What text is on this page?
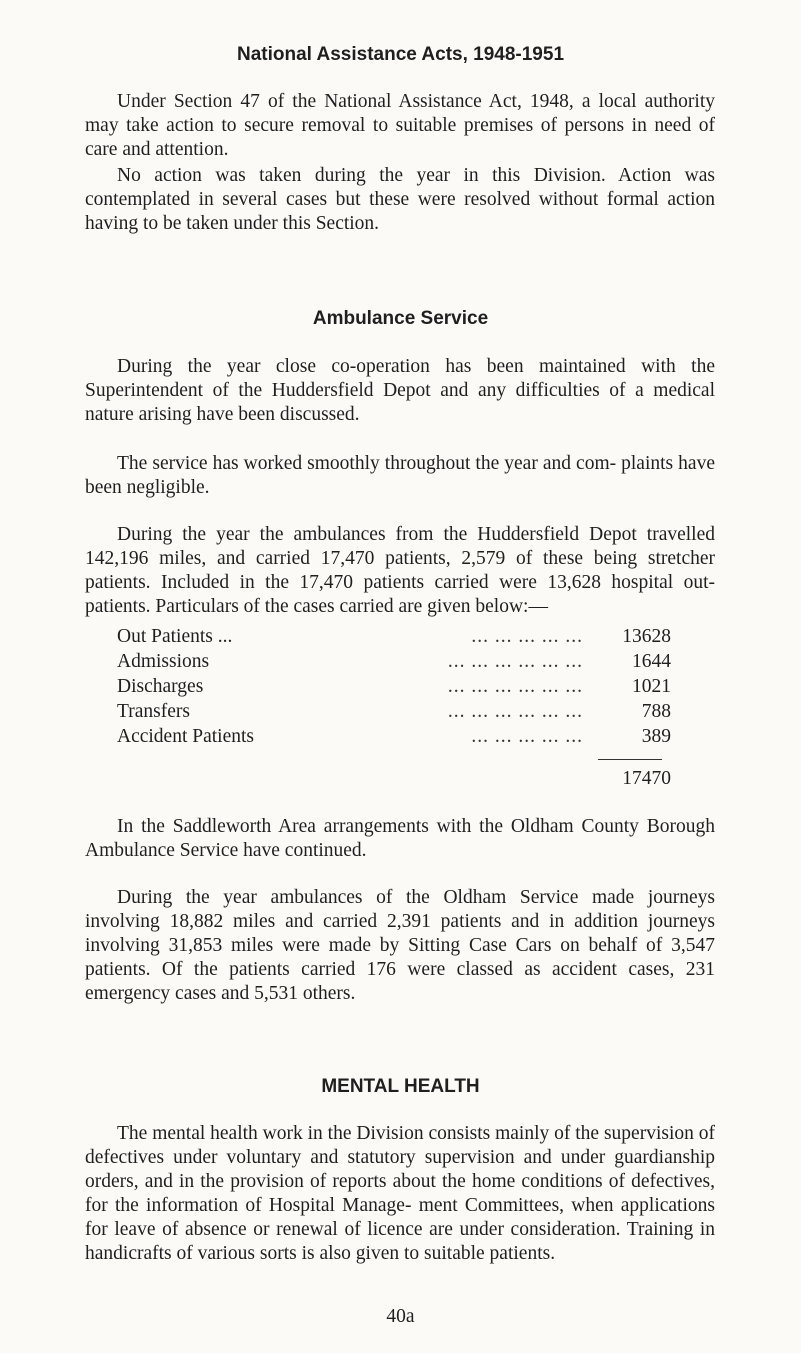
National Assistance Acts, 1948-1951

Under Section 47 of the National Assistance Act, 1948, a local authority may take action to secure removal to suitable premises of persons in need of care and attention.

No action was taken during the year in this Division. Action was contemplated in several cases but these were resolved without formal action having to be taken under this Section.

Ambulance Service

During the year close co-operation has been maintained with the Superintendent of the Huddersfield Depot and any difficulties of a medical nature arising have been discussed.

The service has worked smoothly throughout the year and com- plaints have been negligible.

During the year the ambulances from the Huddersfield Depot travelled 142,196 miles, and carried 17,470 patients, 2,579 of these being stretcher patients. Included in the 17,470 patients carried were 13,628 hospital out-patients. Particulars of the cases carried are given below:—

Out Patients ...	... ... ... ... ... 13628
Admissions	... ... ... ... ... ...	1644
Discharges	... ... ... ... ... ...	1021
Transfers	... ... ... ... ... ...	788
Accident Patients	... ... ... ... ...	389
17470

In the Saddleworth Area arrangements with the Oldham County Borough Ambulance Service have continued.

During the year ambulances of the Oldham Service made journeys involving 18,882 miles and carried 2,391 patients and in addition journeys involving 31,853 miles were made by Sitting Case Cars on behalf of 3,547 patients. Of the patients carried 176 were classed as accident cases, 231 emergency cases and 5,531 others.

MENTAL HEALTH

The mental health work in the Division consists mainly of the supervision of defectives under voluntary and statutory supervision and under guardianship orders, and in the provision of reports about the home conditions of defectives, for the information of Hospital Manage- ment Committees, when applications for leave of absence or renewal of licence are under consideration. Training in handicrafts of various sorts is also given to suitable patients.

40a
